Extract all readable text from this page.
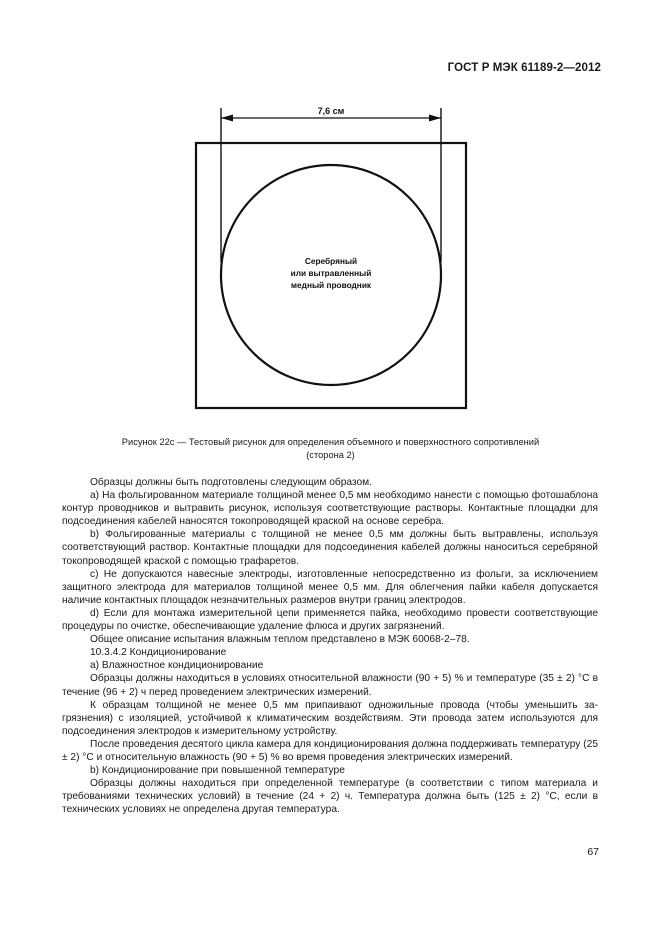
ГОСТ Р МЭК 61189-2—2012
7,6 см
Серебряный
или вытравленный
медный проводник
Рисунок 22с — Тестовый рисунок для определения объемного и поверхностного сопротивлений
(сторона 2)

Образцы должны быть подготовлены следующим образом.

а) На фольгированном материале толщиной менее 0,5 мм необходимо нанести с помощью фотошаблона контур проводников и вытравить рисунок, используя соответствующие растворы. Контактные площадки для подсоединения кабелей наносятся токопроводящей краской на основе серебра.

b) Фольгированные материалы с толщиной не менее 0,5 мм должны быть вытравлены, используя соответствующий раствор. Контактные площадки для подсоединения кабелей должны наноситься серебряной токопроводящей краской с помощью трафаретов.

с) Не допускаются навесные электроды, изготовленные непосредственно из фольги, за исключением защитного электрода для материалов толщиной менее 0,5 мм. Для облегчения пайки кабеля допускается наличие контактных площадок незначительных размеров внутри границ электродов.

d) Если для монтажа измерительной цепи применяется пайка, необходимо провести соответствующие процедуры по очистке, обеспечивающие удаление флюса и других загрязнений.

Общее описание испытания влажным теплом представлено в МЭК 60068-2–78.

10.3.4.2 Кондиционирование

а) Влажностное кондиционирование

Образцы должны находиться в условиях относительной влажности (90 + 5) % и температуре (35 ± 2) °С в течение (96 + 2) ч перед проведением электрических измерений.

К образцам толщиной не менее 0,5 мм припаивают одножильные провода (чтобы уменьшить загрязнения) с изоляцией, устойчивой к климатическим воздействиям. Эти провода затем используются для подсоединения электродов к измерительному устройству.

После проведения десятого цикла камера для кондиционирования должна поддерживать температуру (25 ± 2) °С и относительную влажность (90 + 5) % во время проведения электрических измерений.

b) Кондиционирование при повышенной температуре

Образцы должны находиться при определенной температуре (в соответствии с типом материала и требованиями технических условий) в течение (24 + 2) ч. Температура должна быть (125 ± 2) °С, если в технических условиях не определена другая температура.

67
